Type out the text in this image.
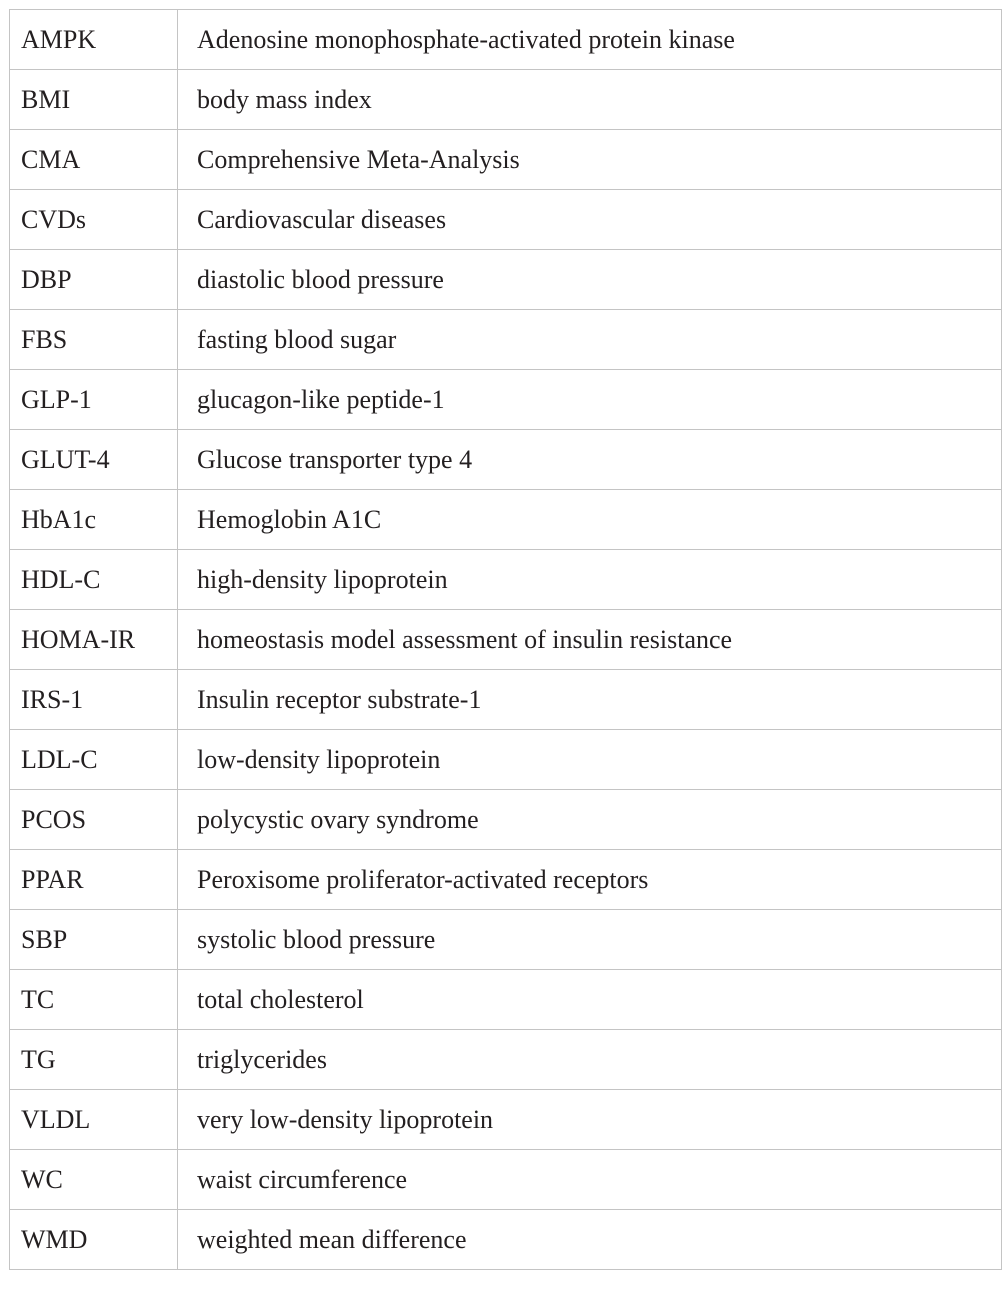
AMPK	Adenosine monophosphate-activated protein kinase
BMI	body mass index
CMA	Comprehensive Meta-Analysis
CVDs	Cardiovascular diseases
DBP	diastolic blood pressure
FBS	fasting blood sugar
GLP-1	glucagon-like peptide-1
GLUT-4	Glucose transporter type 4
HbA1c	Hemoglobin A1C
HDL-C	high-density lipoprotein
HOMA-IR	homeostasis model assessment of insulin resistance
IRS-1	Insulin receptor substrate-1
LDL-C	low-density lipoprotein
PCOS	polycystic ovary syndrome
PPAR	Peroxisome proliferator-activated receptors
SBP	systolic blood pressure
TC	total cholesterol
TG	triglycerides
VLDL	very low-density lipoprotein
WC	waist circumference
WMD	weighted mean difference
